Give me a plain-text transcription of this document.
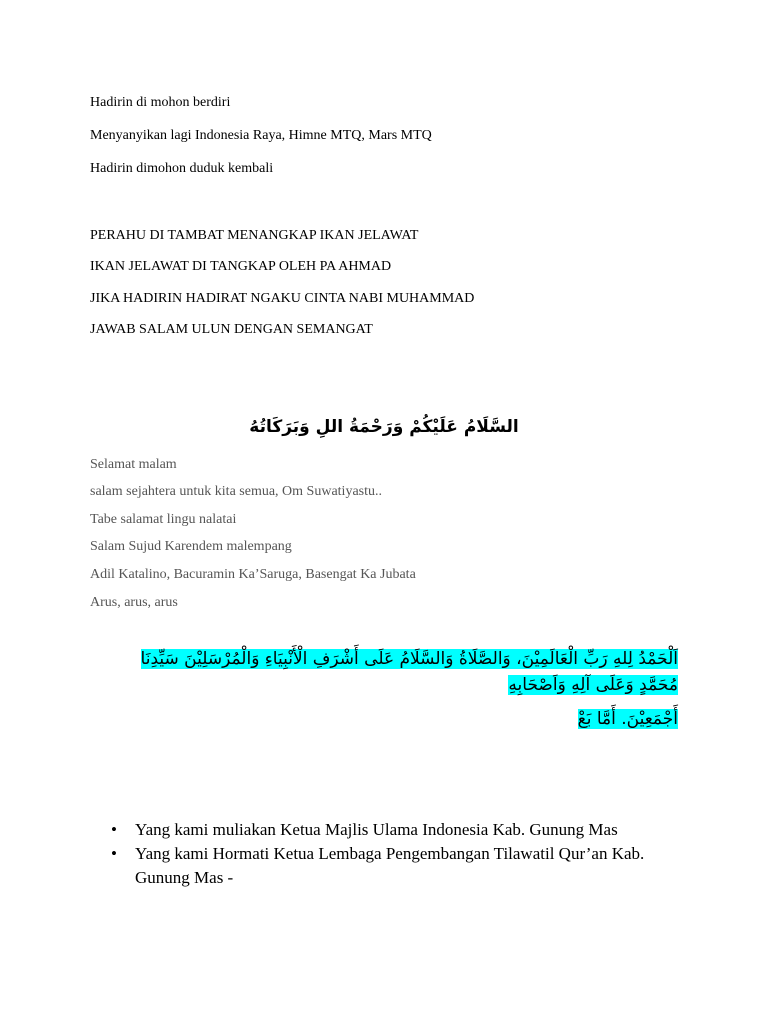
Hadirin di mohon berdiri
Menyanyikan lagi Indonesia Raya, Himne MTQ, Mars MTQ
Hadirin dimohon duduk kembali
PERAHU DI TAMBAT MENANGKAP IKAN JELAWAT
IKAN JELAWAT DI TANGKAP OLEH PA AHMAD
JIKA HADIRIN HADIRAT NGAKU CINTA NABI MUHAMMAD
JAWAB SALAM ULUN DENGAN SEMANGAT
السَّلَامُ عَلَيْكُمْ وَرَحْمَةُ اللِ وَبَرَكَاتُهُ
Selamat malam
salam sejahtera untuk kita semua, Om Suwatiyastu..
Tabe salamat lingu nalatai
Salam Sujud Karendem malempang
Adil Katalino, Bacuramin Ka’Saruga, Basengat Ka Jubata
Arus, arus, arus
اَلْحَمْدُ لِلهِ رَبِّ الْعَالَمِيْنَ، وَالصَّلَاةُ وَالسَّلَامُ عَلَى أَشْرَفِ الْأَنْبِيَاءِ وَالْمُرْسَلِيْنَ سَيِّدِنَا
مُحَمَّدٍ وَعَلَى آلِهِ وَاَصْحَابِهِ
أَجْمَعِيْنَ. أَمَّا بَعْ
• Yang kami muliakan Ketua Majlis Ulama Indonesia Kab. Gunung Mas
• Yang kami Hormati Ketua Lembaga Pengembangan Tilawatil Qur’an Kab. Gunung Mas -
